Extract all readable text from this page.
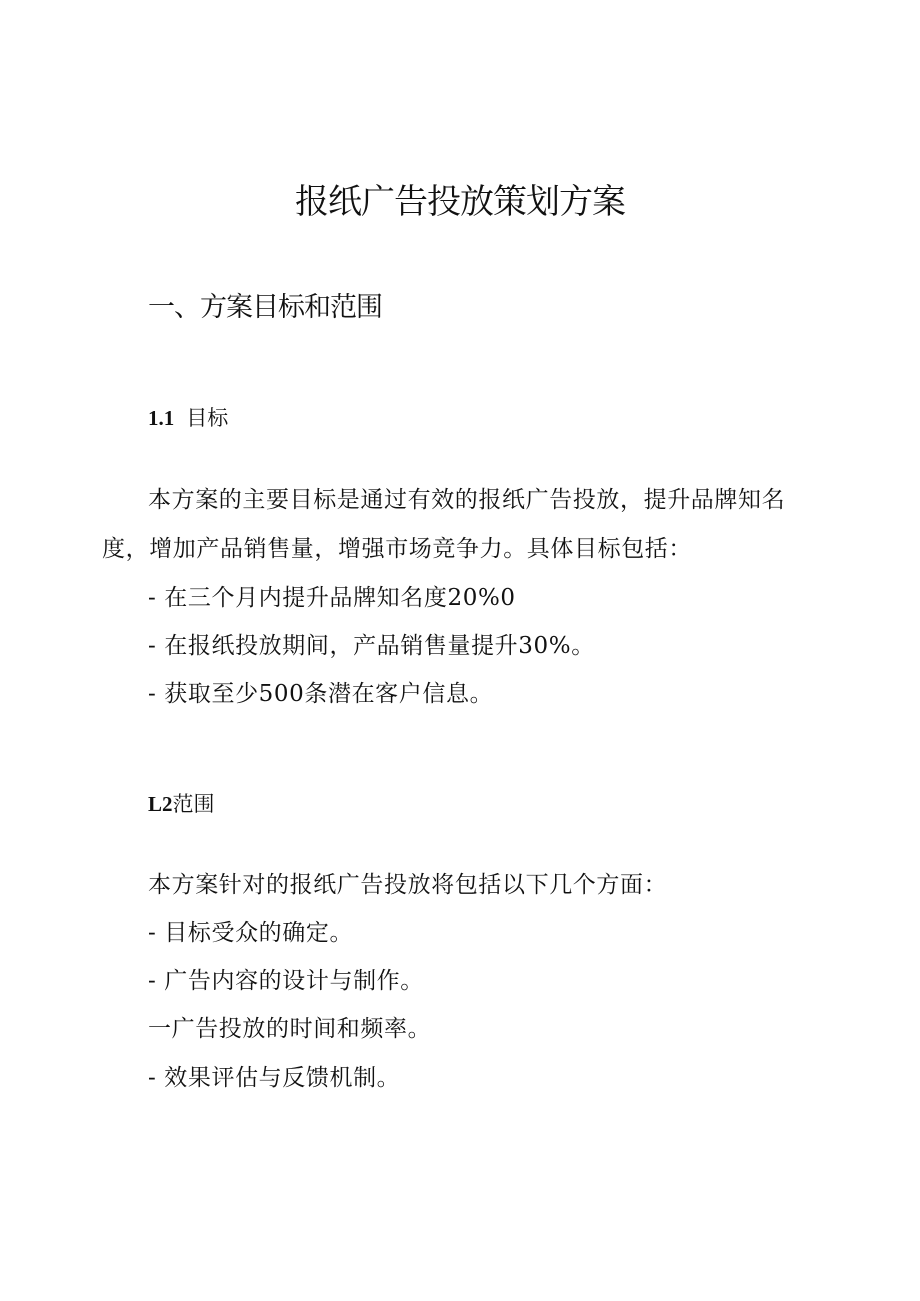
报纸广告投放策划方案
一、方案目标和范围
1.1 目标
本方案的主要目标是通过有效的报纸广告投放，提升品牌知名
度，增加产品销售量，增强市场竞争力。具体目标包括：
- 在三个月内提升品牌知名度20%0
- 在报纸投放期间，产品销售量提升30%。
- 获取至少500条潜在客户信息。
L2范围
本方案针对的报纸广告投放将包括以下几个方面：
- 目标受众的确定。
- 广告内容的设计与制作。
一广告投放的时间和频率。
- 效果评估与反馈机制。
